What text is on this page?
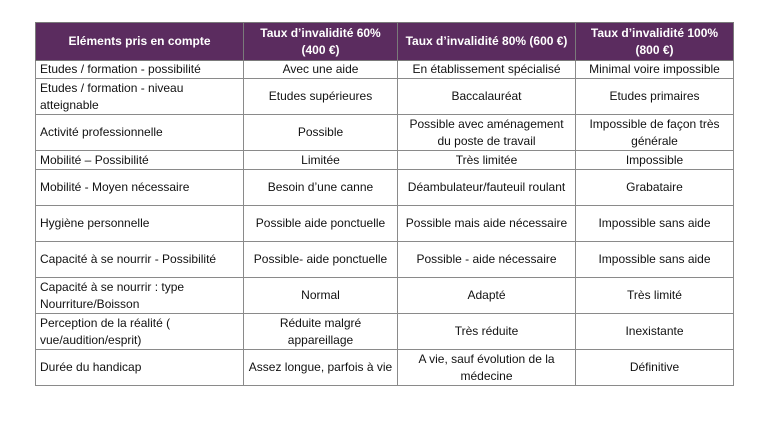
Eléments pris en compte	Taux d’invalidité 60% (400 €)	Taux d’invalidité 80% (600 €)	Taux d’invalidité 100% (800 €)
Etudes / formation - possibilité	Avec une aide	En établissement spécialisé	Minimal voire impossible
Etudes / formation - niveau atteignable	Etudes supérieures	Baccalauréat	Etudes primaires
Activité professionnelle	Possible	Possible avec aménagement du poste de travail	Impossible de façon très générale
Mobilité – Possibilité	Limitée	Très limitée	Impossible
Mobilité - Moyen nécessaire	Besoin d’une canne	Déambulateur/fauteuil roulant	Grabataire
Hygiène personnelle	Possible aide ponctuelle	Possible mais aide nécessaire	Impossible sans aide
Capacité à se nourrir - Possibilité	Possible- aide ponctuelle	Possible - aide nécessaire	Impossible sans aide
Capacité à se nourrir : type Nourriture/Boisson	Normal	Adapté	Très limité
Perception de la réalité ( vue/audition/esprit)	Réduite malgré appareillage	Très réduite	Inexistante
Durée du handicap	Assez longue, parfois à vie	A vie, sauf évolution de la médecine	Définitive
